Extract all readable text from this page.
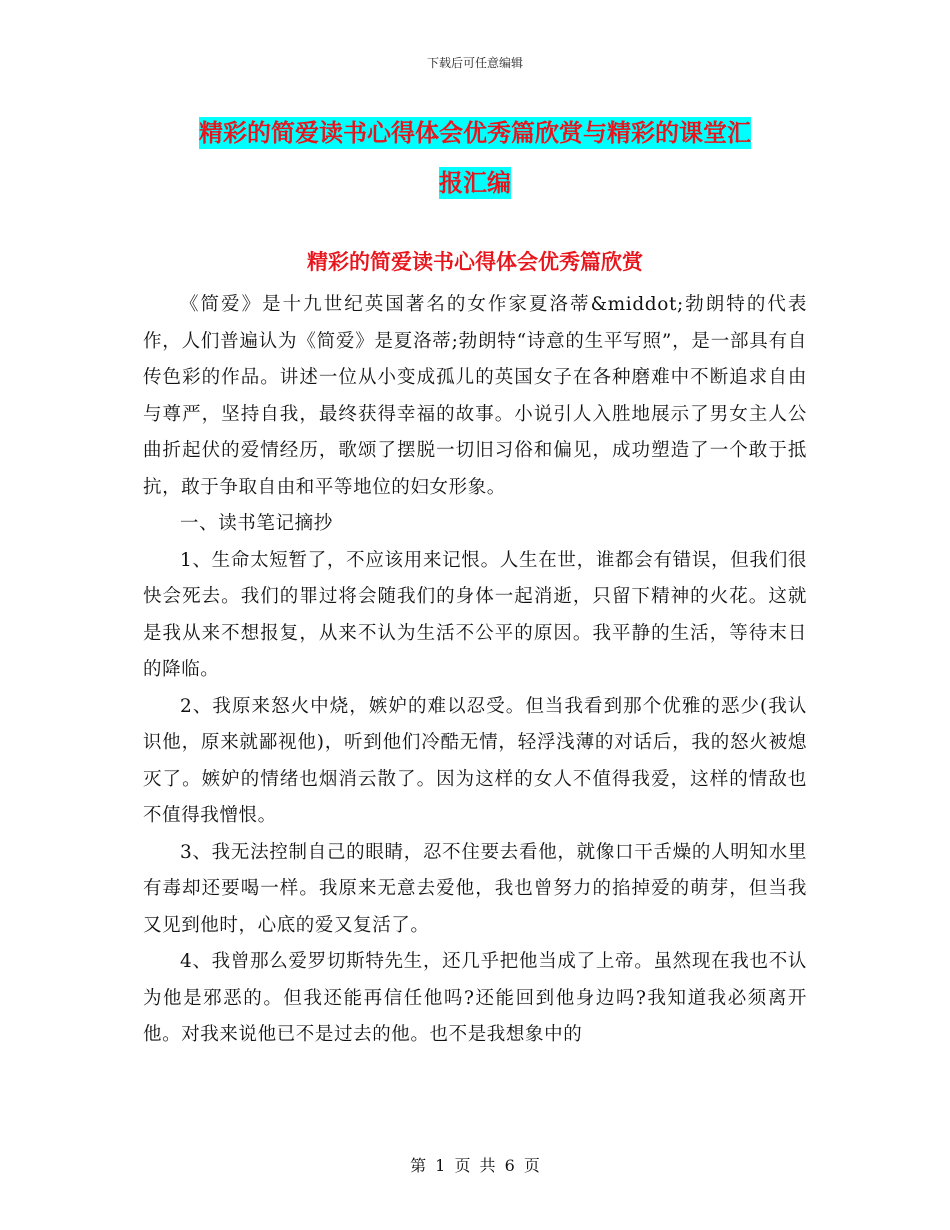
下载后可任意编辑
精彩的简爱读书心得体会优秀篇欣赏与精彩的课堂汇
报汇编
精彩的简爱读书心得体会优秀篇欣赏

《简爱》是十九世纪英国著名的女作家夏洛蒂&middot;勃朗特的代表作，人们普遍认为《简爱》是夏洛蒂;勃朗特“诗意的生平写照”，是一部具有自传色彩的作品。讲述一位从小变成孤儿的英国女子在各种磨难中不断追求自由与尊严，坚持自我，最终获得幸福的故事。小说引人入胜地展示了男女主人公曲折起伏的爱情经历，歌颂了摆脱一切旧习俗和偏见，成功塑造了一个敢于抵抗，敢于争取自由和平等地位的妇女形象。

一、读书笔记摘抄

1、生命太短暂了，不应该用来记恨。人生在世，谁都会有错误，但我们很快会死去。我们的罪过将会随我们的身体一起消逝，只留下精神的火花。这就是我从来不想报复，从来不认为生活不公平的原因。我平静的生活，等待末日的降临。

2、我原来怒火中烧，嫉妒的难以忍受。但当我看到那个优雅的恶少(我认识他，原来就鄙视他)，听到他们冷酷无情，轻浮浅薄的对话后，我的怒火被熄灭了。嫉妒的情绪也烟消云散了。因为这样的女人不值得我爱，这样的情敌也不值得我憎恨。

3、我无法控制自己的眼睛，忍不住要去看他，就像口干舌燥的人明知水里有毒却还要喝一样。我原来无意去爱他，我也曾努力的掐掉爱的萌芽，但当我又见到他时，心底的爱又复活了。

4、我曾那么爱罗切斯特先生，还几乎把他当成了上帝。虽然现在我也不认为他是邪恶的。但我还能再信任他吗?还能回到他身边吗?我知道我必须离开他。对我来说他已不是过去的他。也不是我想象中的

第 1 页 共 6 页
